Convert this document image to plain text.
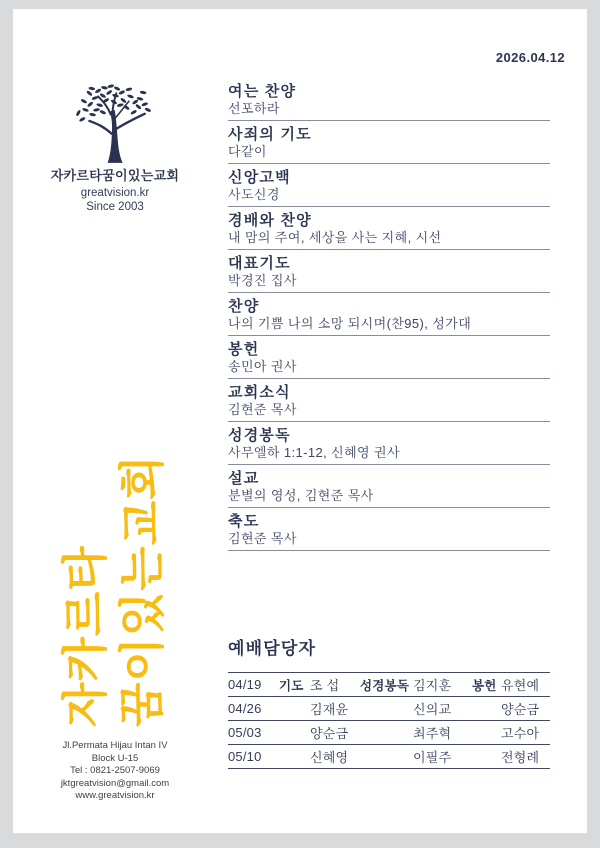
2026.04.12
자카르타꿈이있는교회
greatvision.kr
Since 2003
자카르타 꿈이있는교회
여는 찬양
선포하라
사죄의 기도
다같이
신앙고백
사도신경
경배와 찬양
내 맘의 주여, 세상을 사는 지혜, 시선
대표기도
박경진 집사
찬양
나의 기쁨 나의 소망 되시며(찬95), 성가대
봉헌
송민아 권사
교회소식
김현준 목사
성경봉독
사무엘하 1:1-12, 신혜영 권사
설교
분별의 영성, 김현준 목사
축도
김현준 목사
예배담당자
04/19	기도 조 섭	성경봉독 김지훈	봉헌 유현예
04/26	김재윤	신의교	양순금
05/03	양순금	최주혁	고수아
05/10	신혜영	이필주	전형례
Jl.Permata Hijau Intan IV
Block U-15
Tel : 0821-2507-9069
jktgreatvision@gmail.com
www.greatvision.kr
